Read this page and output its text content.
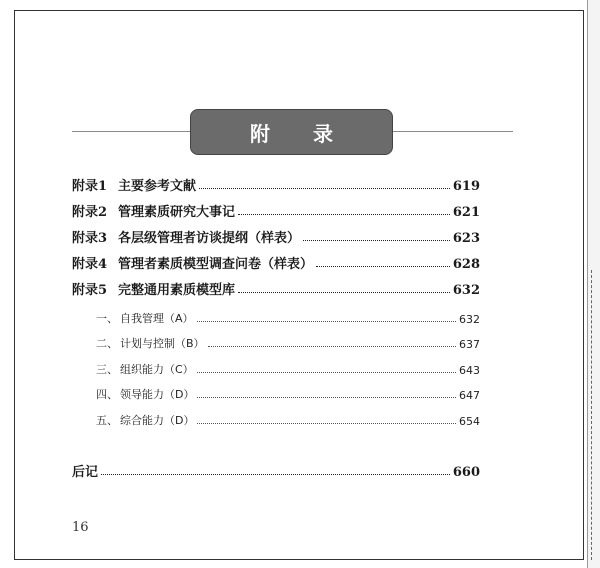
附 录
附录1 主要参考文献	619
附录2 管理素质研究大事记	621
附录3 各层级管理者访谈提纲（样表）	623
附录4 管理者素质模型调查问卷（样表）	628
附录5 完整通用素质模型库	632
一、 自我管理（A）	632
二、 计划与控制（B）	637
三、 组织能力（C）	643
四、 领导能力（D）	647
五、 综合能力（D）	654
后记	660
16
